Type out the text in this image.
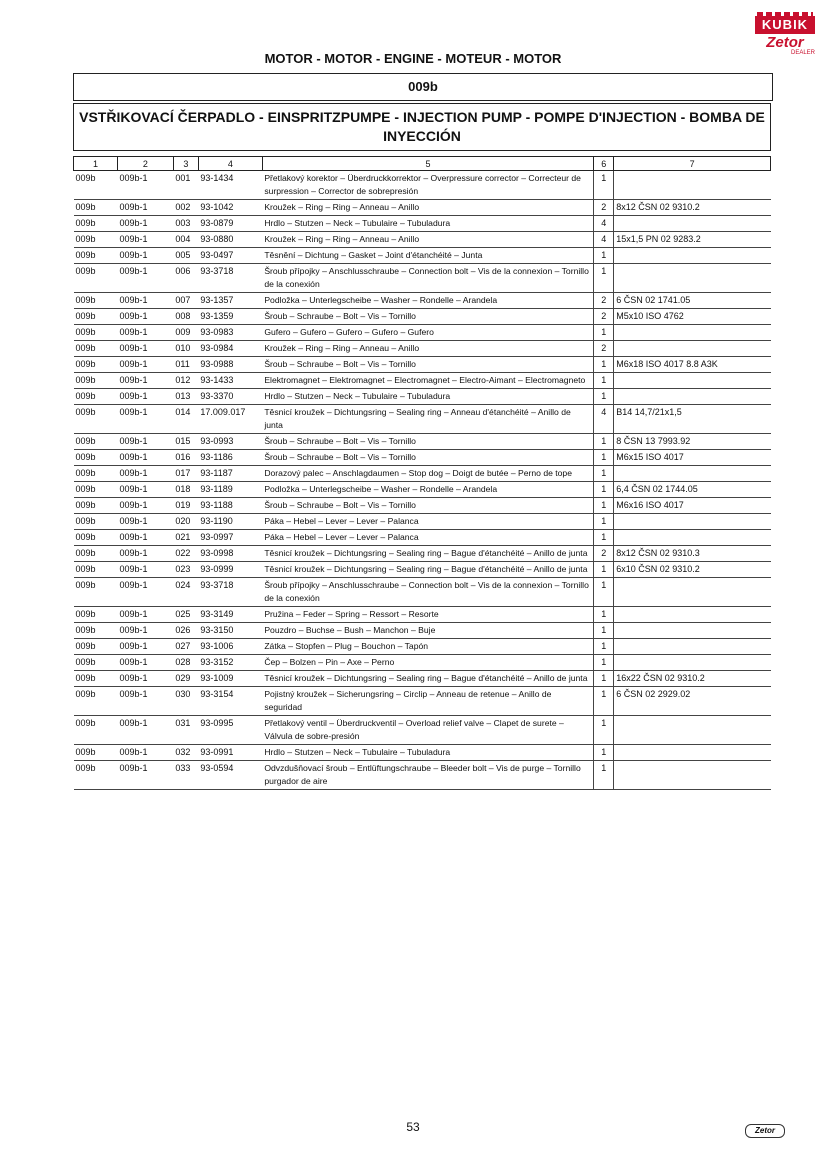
KUBIK
Zetor
DEALER
MOTOR - MOTOR - ENGINE - MOTEUR - MOTOR
009b
VSTŘIKOVACÍ ČERPADLO - EINSPRITZPUMPE - INJECTION PUMP - POMPE D'INJECTION - BOMBA DE INYECCIÓN
1	2	3	4	5	6	7
009b	009b-1	001	93-1434	Přetlakový korektor – Überdruckkorrektor – Overpressure corrector – Correcteur de surpression – Corrector de sobrepresión	1	
009b	009b-1	002	93-1042	Kroužek – Ring – Ring – Anneau – Anillo	2	8x12 ČSN 02 9310.2
009b	009b-1	003	93-0879	Hrdlo – Stutzen – Neck – Tubulaire – Tubuladura	4	
009b	009b-1	004	93-0880	Kroužek – Ring – Ring – Anneau – Anillo	4	15x1,5 PN 02 9283.2
009b	009b-1	005	93-0497	Těsnění – Dichtung – Gasket – Joint d'étanchéité – Junta	1	
009b	009b-1	006	93-3718	Šroub přípojky – Anschlusschraube – Connection bolt – Vis de la connexion – Tornillo de la conexión	1	
009b	009b-1	007	93-1357	Podložka – Unterlegscheibe – Washer – Rondelle – Arandela	2	6 ČSN 02 1741.05
009b	009b-1	008	93-1359	Šroub – Schraube – Bolt – Vis – Tornillo	2	M5x10 ISO 4762
009b	009b-1	009	93-0983	Gufero – Gufero – Gufero – Gufero – Gufero	1	
009b	009b-1	010	93-0984	Kroužek – Ring – Ring – Anneau – Anillo	2	
009b	009b-1	011	93-0988	Šroub – Schraube – Bolt – Vis – Tornillo	1	M6x18 ISO 4017 8.8 A3K
009b	009b-1	012	93-1433	Elektromagnet – Elektromagnet – Electromagnet – Electro-Aimant – Electromagneto	1	
009b	009b-1	013	93-3370	Hrdlo – Stutzen – Neck – Tubulaire – Tubuladura	1	
009b	009b-1	014	17.009.017	Těsnicí kroužek – Dichtungsring – Sealing ring – Anneau d'étanchéité – Anillo de junta	4	B14 14,7/21x1,5
009b	009b-1	015	93-0993	Šroub – Schraube – Bolt – Vis – Tornillo	1	8 ČSN 13 7993.92
009b	009b-1	016	93-1186	Šroub – Schraube – Bolt – Vis – Tornillo	1	M6x15 ISO 4017
009b	009b-1	017	93-1187	Dorazový palec – Anschlagdaumen – Stop dog – Doigt de butée – Perno de tope	1	
009b	009b-1	018	93-1189	Podložka – Unterlegscheibe – Washer – Rondelle – Arandela	1	6,4 ČSN 02 1744.05
009b	009b-1	019	93-1188	Šroub – Schraube – Bolt – Vis – Tornillo	1	M6x16 ISO 4017
009b	009b-1	020	93-1190	Páka – Hebel – Lever – Lever – Palanca	1	
009b	009b-1	021	93-0997	Páka – Hebel – Lever – Lever – Palanca	1	
009b	009b-1	022	93-0998	Těsnicí kroužek – Dichtungsring – Sealing ring – Bague d'étanchéité – Anillo de junta	2	8x12 ČSN 02 9310.3
009b	009b-1	023	93-0999	Těsnicí kroužek – Dichtungsring – Sealing ring – Bague d'étanchéité – Anillo de junta	1	6x10 ČSN 02 9310.2
009b	009b-1	024	93-3718	Šroub přípojky – Anschlusschraube – Connection bolt – Vis de la connexion – Tornillo de la conexión	1	
009b	009b-1	025	93-3149	Pružina – Feder – Spring – Ressort – Resorte	1	
009b	009b-1	026	93-3150	Pouzdro – Buchse – Bush – Manchon – Buje	1	
009b	009b-1	027	93-1006	Zátka – Stopfen – Plug – Bouchon – Tapón	1	
009b	009b-1	028	93-3152	Čep – Bolzen – Pin – Axe – Perno	1	
009b	009b-1	029	93-1009	Těsnicí kroužek – Dichtungsring – Sealing ring – Bague d'étanchéité – Anillo de junta	1	16x22 ČSN 02 9310.2
009b	009b-1	030	93-3154	Pojistný kroužek – Sicherungsring – Circlip – Anneau de retenue – Anillo de seguridad	1	6 ČSN 02 2929.02
009b	009b-1	031	93-0995	Přetlakový ventil – Überdruckventil – Overload relief valve – Clapet de surete – Válvula de sobre-presión	1	
009b	009b-1	032	93-0991	Hrdlo – Stutzen – Neck – Tubulaire – Tubuladura	1	
009b	009b-1	033	93-0594	Odvzdušňovací šroub – Entlüftungschraube – Bleeder bolt – Vis de purge – Tornillo purgador de aire	1	
53	Zetor
